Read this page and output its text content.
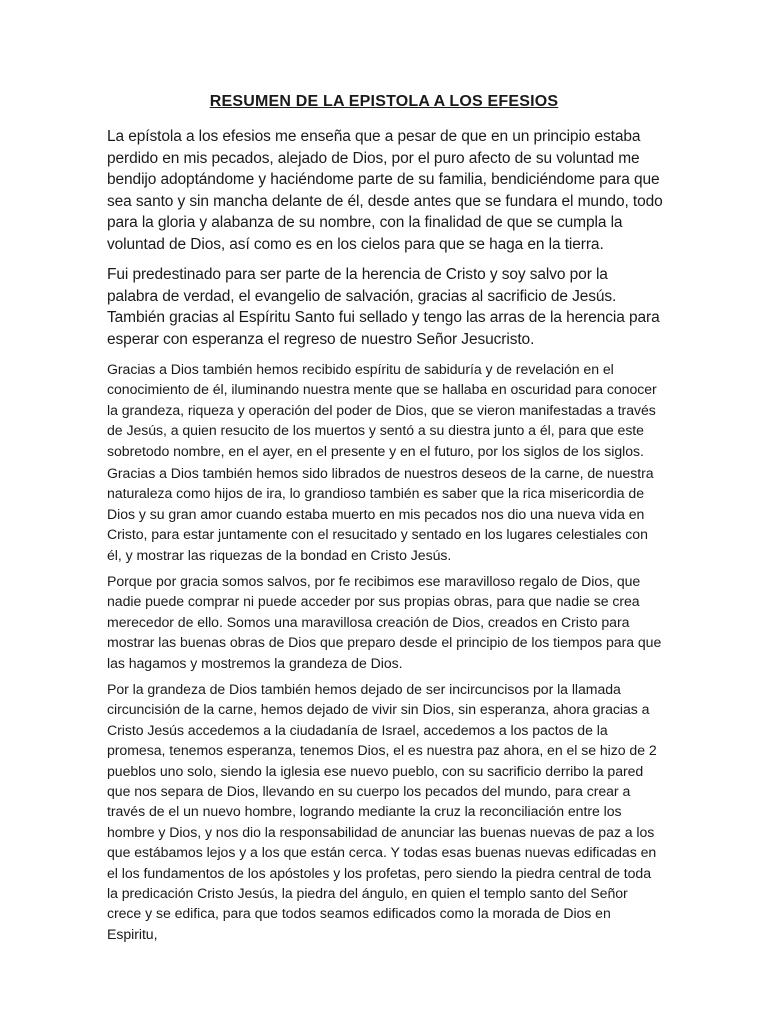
RESUMEN DE LA EPISTOLA A LOS EFESIOS

La epístola a los efesios me enseña que a pesar de que en un principio estaba perdido en mis pecados, alejado de Dios, por el puro afecto de su voluntad me bendijo adoptándome y haciéndome parte de su familia, bendiciéndome para que sea santo y sin mancha delante de él, desde antes que se fundara el mundo, todo para la gloria y alabanza de su nombre, con la finalidad de que se cumpla la voluntad de Dios, así como es en los cielos para que se haga en la tierra.

Fui predestinado para ser parte de la herencia de Cristo y soy salvo por la palabra de verdad, el evangelio de salvación, gracias al sacrificio de Jesús. También gracias al Espíritu Santo fui sellado y tengo las arras de la herencia para esperar con esperanza el regreso de nuestro Señor Jesucristo.

Gracias a Dios también hemos recibido espíritu de sabiduría y de revelación en el conocimiento de él, iluminando nuestra mente que se hallaba en oscuridad para conocer la grandeza, riqueza y operación del poder de Dios, que se vieron manifestadas a través de Jesús, a quien resucito de los muertos y sentó a su diestra junto a él, para que este sobretodo nombre, en el ayer, en el presente y en el futuro, por los siglos de los siglos.

Gracias a Dios también hemos sido librados de nuestros deseos de la carne, de nuestra naturaleza como hijos de ira, lo grandioso también es saber que la rica misericordia de Dios y su gran amor cuando estaba muerto en mis pecados nos dio una nueva vida en Cristo, para estar juntamente con el resucitado y sentado en los lugares celestiales con él, y mostrar las riquezas de la bondad en Cristo Jesús.

Porque por gracia somos salvos, por fe recibimos ese maravilloso regalo de Dios, que nadie puede comprar ni puede acceder por sus propias obras, para que nadie se crea merecedor de ello. Somos una maravillosa creación de Dios, creados en Cristo para mostrar las buenas obras de Dios que preparo desde el principio de los tiempos para que las hagamos y mostremos la grandeza de Dios.

Por la grandeza de Dios también hemos dejado de ser incircuncisos por la llamada circuncisión de la carne, hemos dejado de vivir sin Dios, sin esperanza, ahora gracias a Cristo Jesús accedemos a la ciudadanía de Israel, accedemos a los pactos de la promesa, tenemos esperanza, tenemos Dios, el es nuestra paz ahora, en el se hizo de 2 pueblos uno solo, siendo la iglesia ese nuevo pueblo, con su sacrificio derribo la pared que nos separa de Dios, llevando en su cuerpo los pecados del mundo, para crear a través de el un nuevo hombre, logrando mediante la cruz la reconciliación entre los hombre y Dios, y nos dio la responsabilidad de anunciar las buenas nuevas de paz a los que estábamos lejos y a los que están cerca. Y todas esas buenas nuevas edificadas en el los fundamentos de los apóstoles y los profetas, pero siendo la piedra central de toda la predicación Cristo Jesús, la piedra del ángulo, en quien el templo santo del Señor crece y se edifica, para que todos seamos edificados como la morada de Dios en Espiritu,
